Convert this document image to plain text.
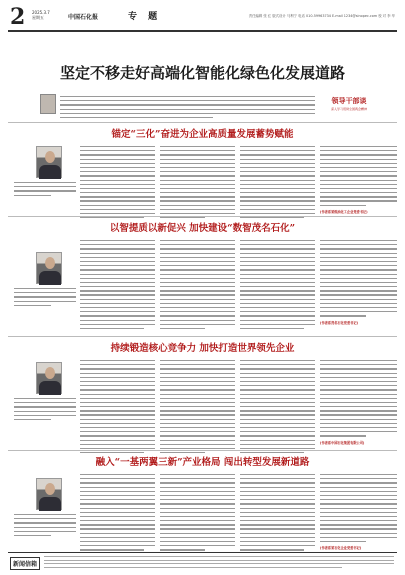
2 2025.3.7
星期五	中国石化报	专 题	责任编辑 张 红 版式设计 马利宁 电话 010-59963734 E-mail 1234@sinopec.com 校 对 李 华
坚定不移走好高端化智能化绿色化发展道路
领导干部谈
深入学习贯彻全国两会精神
锚定“三化”奋进为企业高质量发展蓄势赋能
(作者系某炼油化工企业党委书记)
以智提质以新促兴 加快建设“数智茂名石化”
(作者系茂名石化党委书记)
持续锻造核心竞争力 加快打造世界领先企业
(作者系中国石化集团有限公司)
融入“一基两翼三新”产业格局 闯出转型发展新道路
(作者系某石化企业党委书记)
新闻信箱
